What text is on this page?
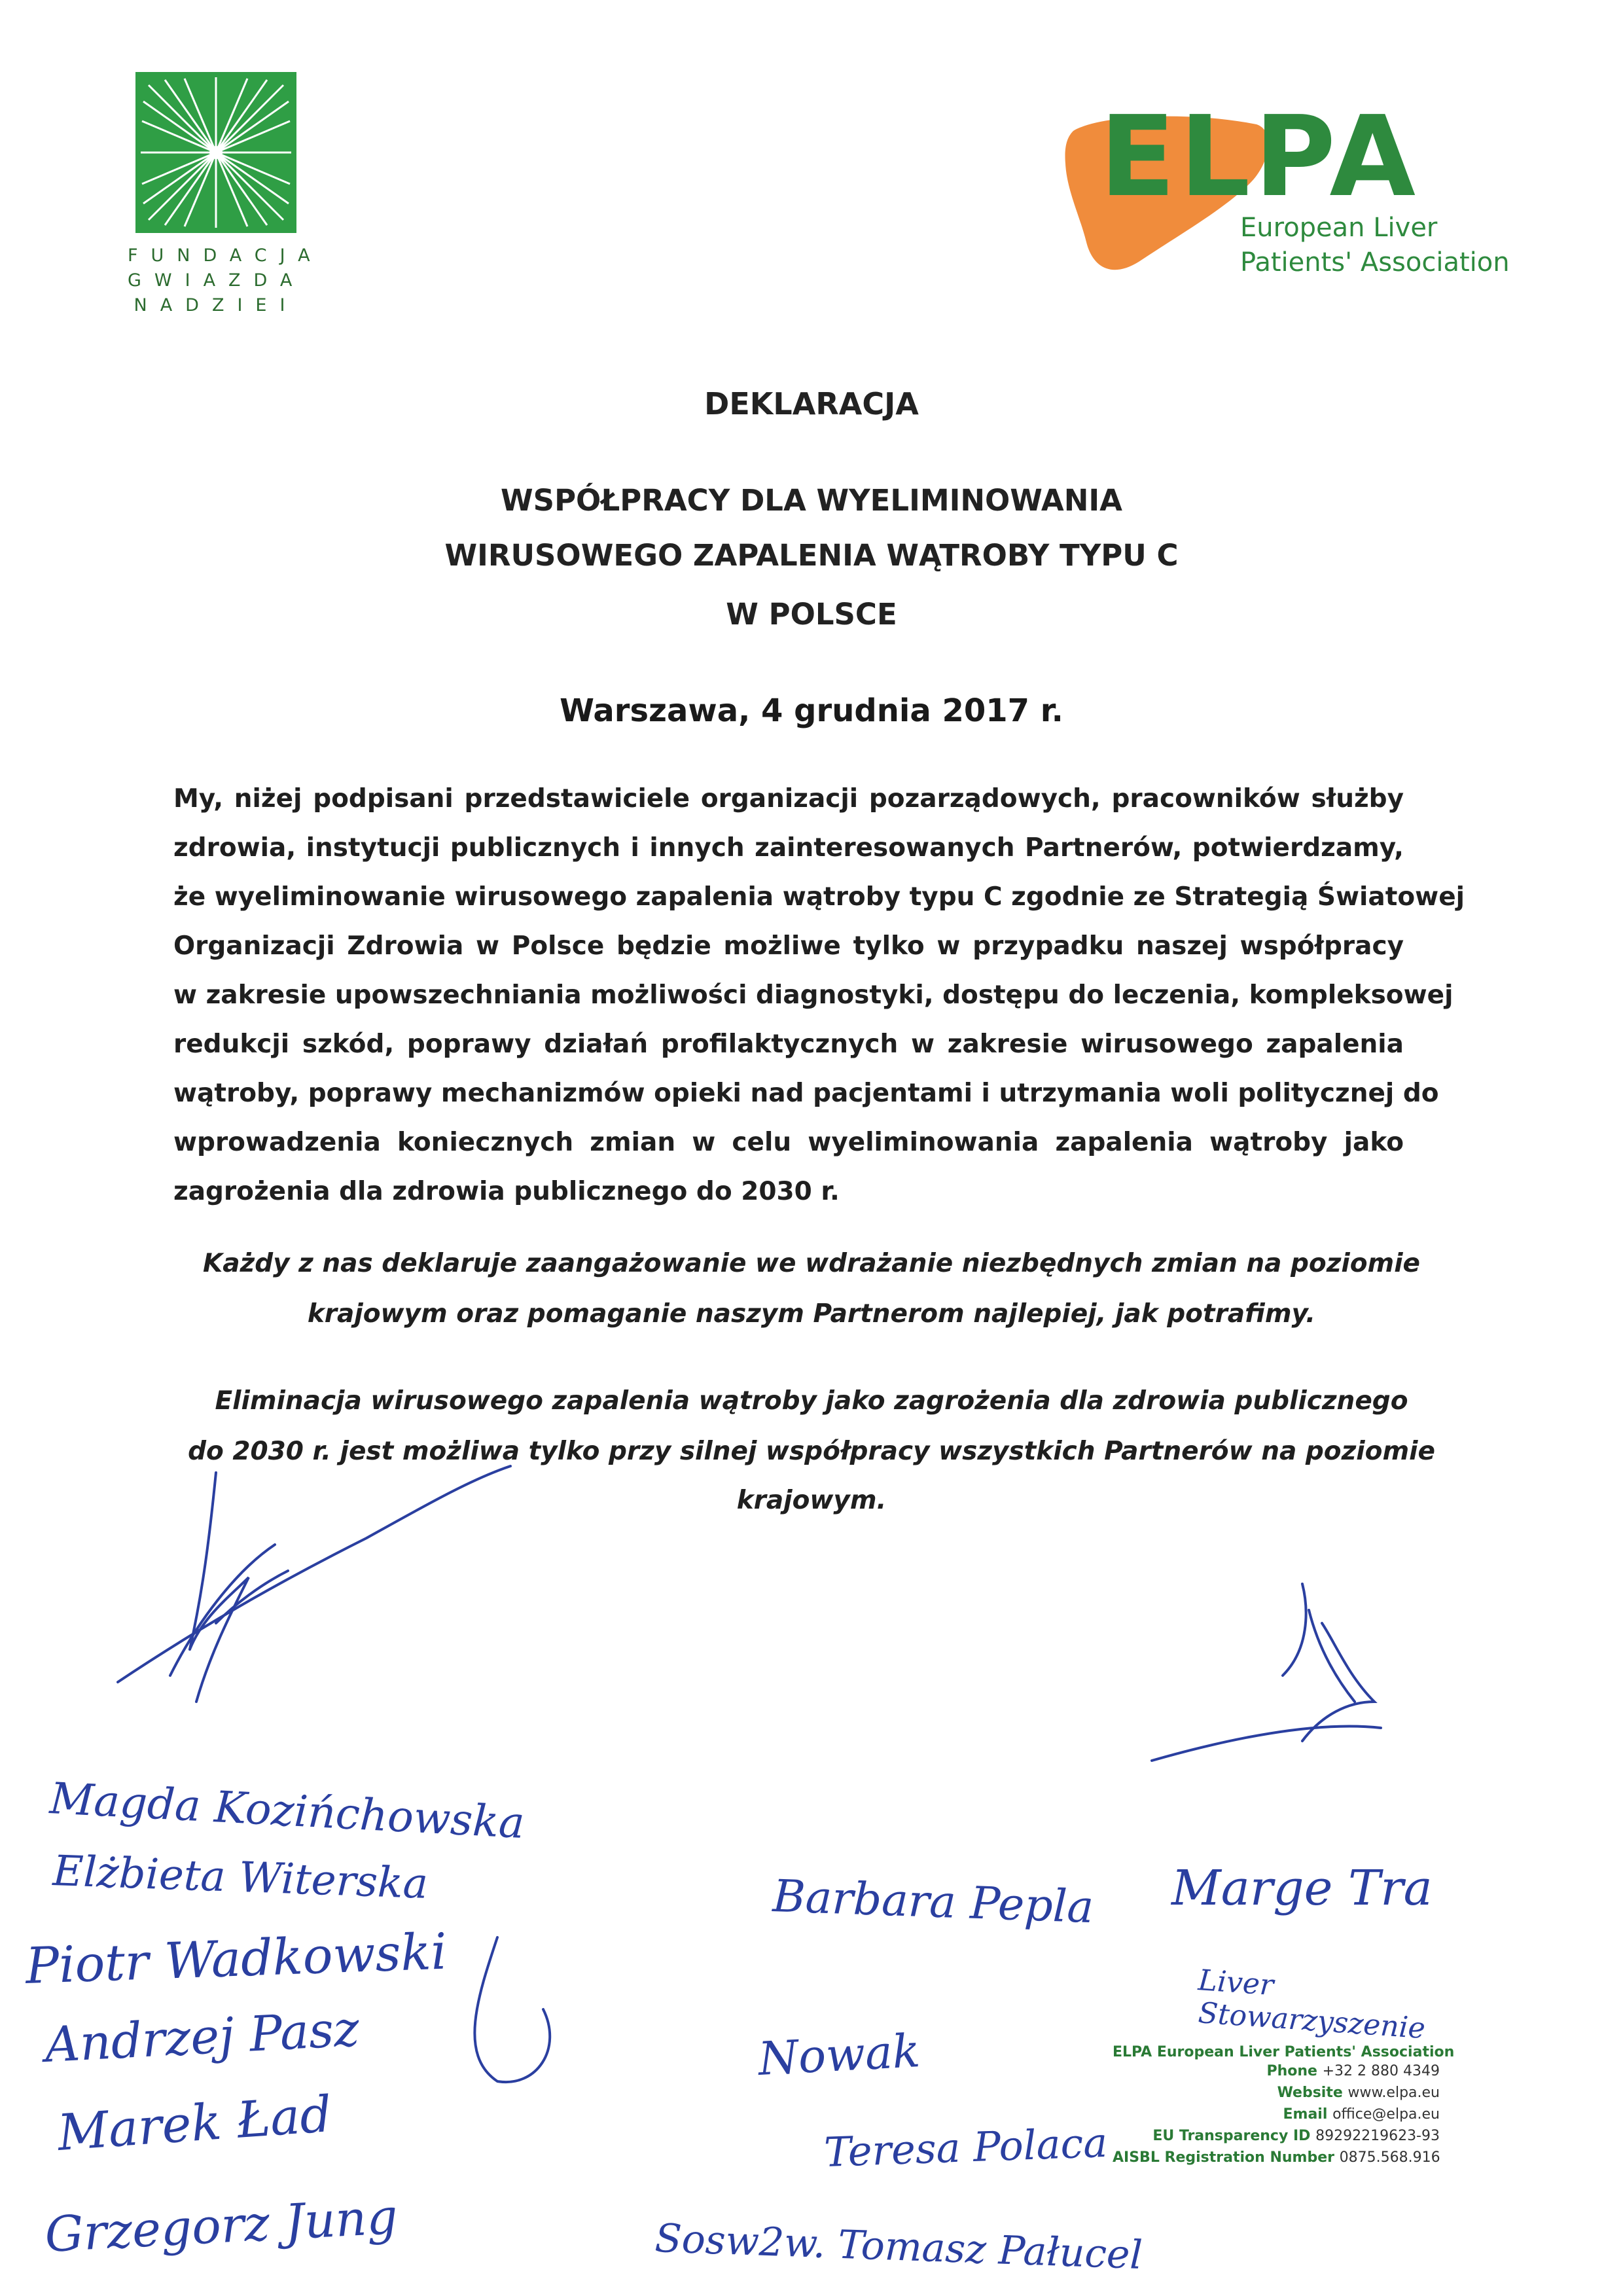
FUNDACJA
GWIAZDA
NADZIEI
ELPA
European Liver
Patients' Association
DEKLARACJA
WSPÓŁPRACY DLA WYELIMINOWANIA
WIRUSOWEGO ZAPALENIA WĄTROBY TYPU C
W POLSCE
Warszawa, 4 grudnia 2017 r.
My, niżej podpisani przedstawiciele organizacji pozarządowych, pracowników służby
zdrowia, instytucji publicznych i innych zainteresowanych Partnerów, potwierdzamy,
że wyeliminowanie wirusowego zapalenia wątroby typu C zgodnie ze Strategią Światowej
Organizacji Zdrowia w Polsce będzie możliwe tylko w przypadku naszej współpracy
w zakresie upowszechniania możliwości diagnostyki, dostępu do leczenia, kompleksowej
redukcji szkód, poprawy działań profilaktycznych w zakresie wirusowego zapalenia
wątroby, poprawy mechanizmów opieki nad pacjentami i utrzymania woli politycznej do
wprowadzenia koniecznych zmian w celu wyeliminowania zapalenia wątroby jako
zagrożenia dla zdrowia publicznego do 2030 r.
Każdy z nas deklaruje zaangażowanie we wdrażanie niezbędnych zmian na poziomie
krajowym oraz pomaganie naszym Partnerom najlepiej, jak potrafimy.
Eliminacja wirusowego zapalenia wątroby jako zagrożenia dla zdrowia publicznego
do 2030 r. jest możliwa tylko przy silnej współpracy wszystkich Partnerów na poziomie
krajowym.
Magda Kozińchowska
Elżbieta Witerska
Piotr Wadkowski
Andrzej Pasz
Marek Ład
Grzegorz Jung
Barbara Pepla Marge Tra
Liver
Stowarzyszenie
Nowak
Teresa Polaca
Sosw2w. Tomasz Pałucel
ELPA European Liver Patients' Association
Phone +32 2 880 4349
Website www.elpa.eu
Email office@elpa.eu
EU Transparency ID 89292219623-93
AISBL Registration Number 0875.568.916
